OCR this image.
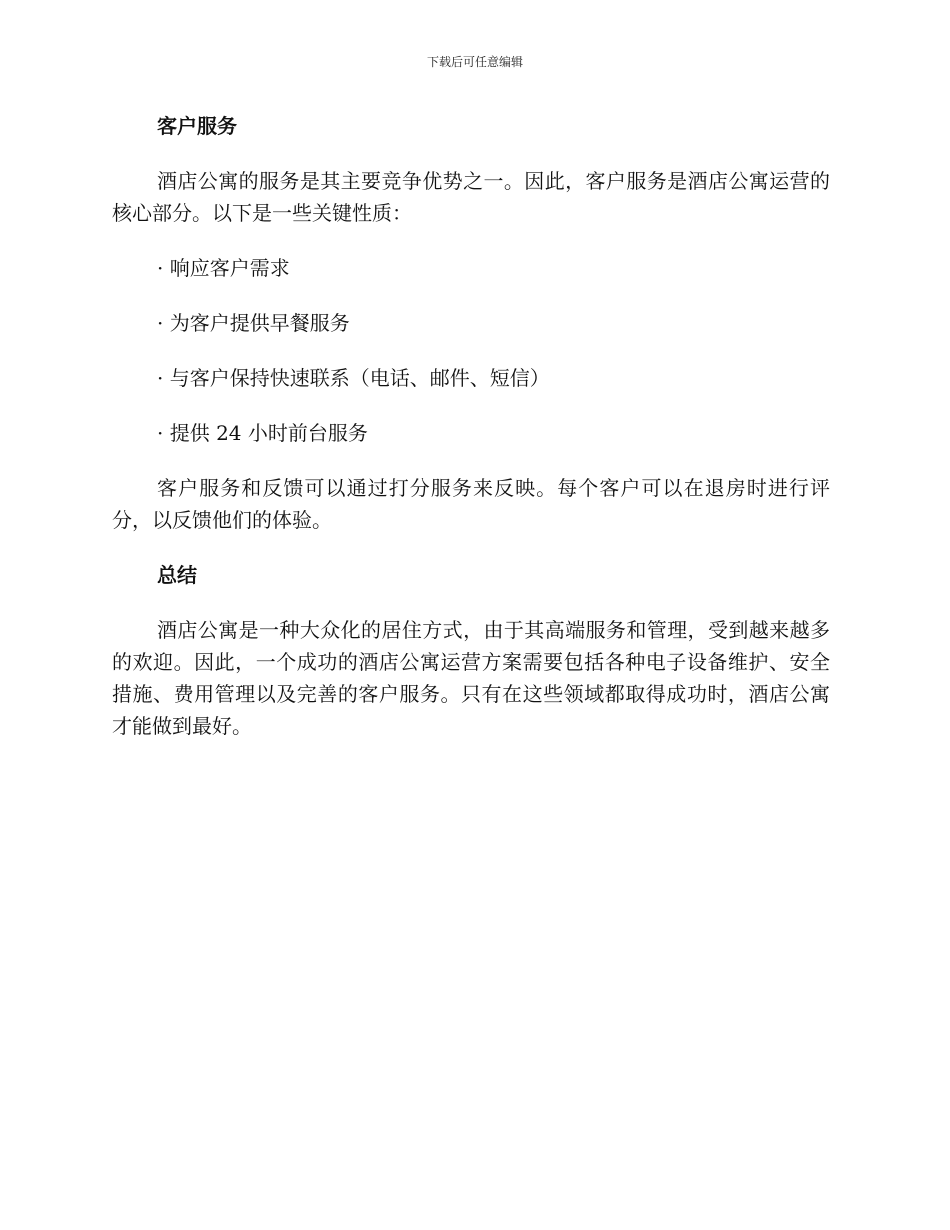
下载后可任意编辑
客户服务

酒店公寓的服务是其主要竞争优势之一。因此，客户服务是酒店公寓运营的核心部分。以下是一些关键性质：

· 响应客户需求
· 为客户提供早餐服务
· 与客户保持快速联系（电话、邮件、短信）
· 提供 24 小时前台服务

客户服务和反馈可以通过打分服务来反映。每个客户可以在退房时进行评分，以反馈他们的体验。

总结

酒店公寓是一种大众化的居住方式，由于其高端服务和管理，受到越来越多的欢迎。因此，一个成功的酒店公寓运营方案需要包括各种电子设备维护、安全措施、费用管理以及完善的客户服务。只有在这些领域都取得成功时，酒店公寓才能做到最好。
